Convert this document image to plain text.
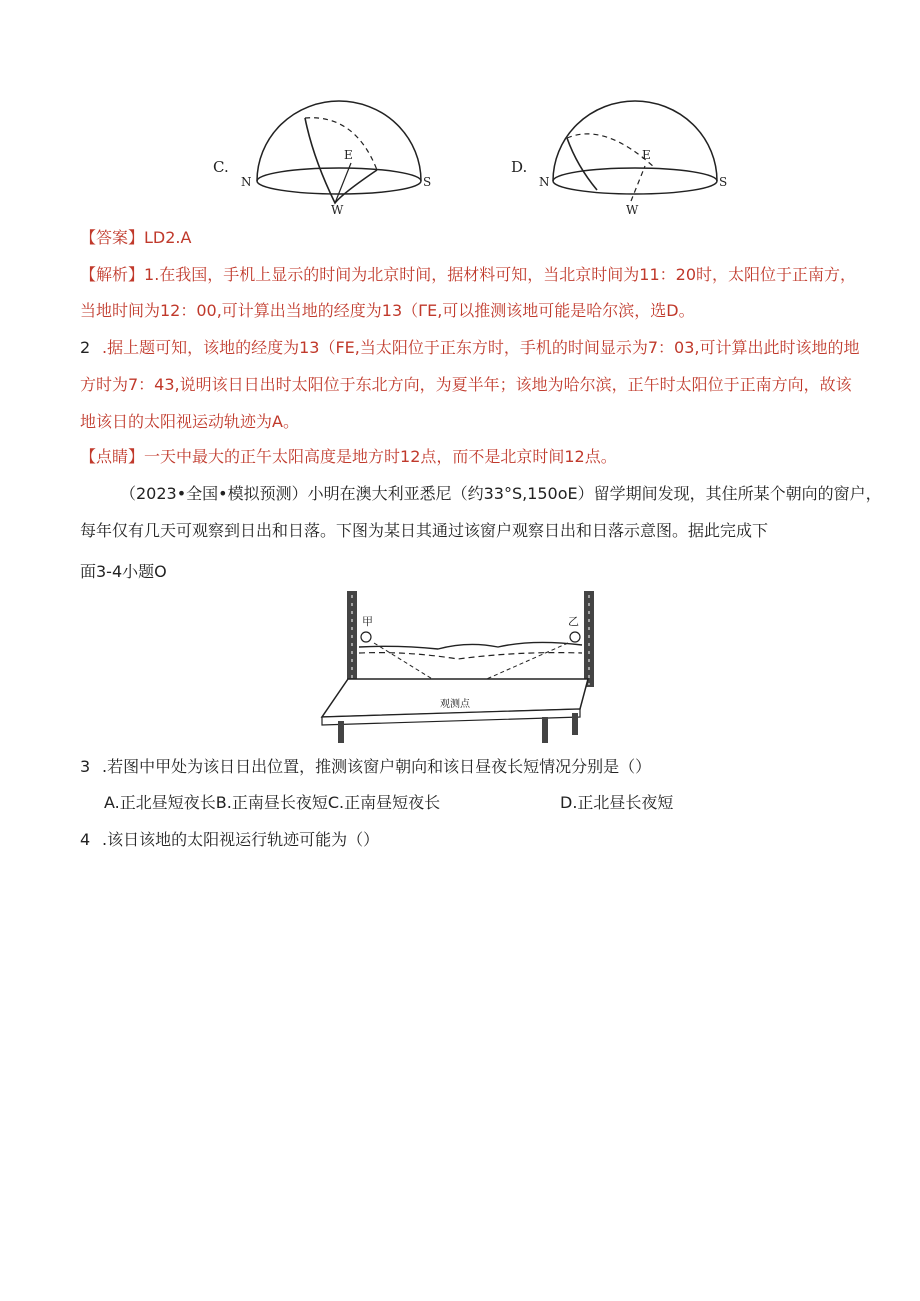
C.
N
E
S
W
D.
N
E
S
W
【答案】LD2.A
【解析】1.在我国，手机上显示的时间为北京时间，据材料可知，当北京时间为11：20时，太阳位于正南方，
当地时间为12：00,可计算出当地的经度为13（ΓE,可以推测该地可能是哈尔滨，选D。
2 .据上题可知，该地的经度为13（FE,当太阳位于正东方时，手机的时间显示为7：03,可计算出此时该地的地
方时为7：43,说明该日日出时太阳位于东北方向，为夏半年；该地为哈尔滨，正午时太阳位于正南方向，故该
地该日的太阳视运动轨迹为A。
【点睛】一天中最大的正午太阳高度是地方时12点，而不是北京时间12点。
（2023•全国•模拟预测）小明在澳大利亚悉尼（约33°S,150oE）留学期间发现，其住所某个朝向的窗户，
每年仅有几天可观察到日出和日落。下图为某日其通过该窗户观察日出和日落示意图。据此完成下
面3-4小题O
甲	乙
观测点
3 .若图中甲处为该日日出位置，推测该窗户朝向和该日昼夜长短情况分别是（）
A.正北昼短夜长B.正南昼长夜短C.正南昼短夜长	D.正北昼长夜短
4 .该日该地的太阳视运行轨迹可能为（）
